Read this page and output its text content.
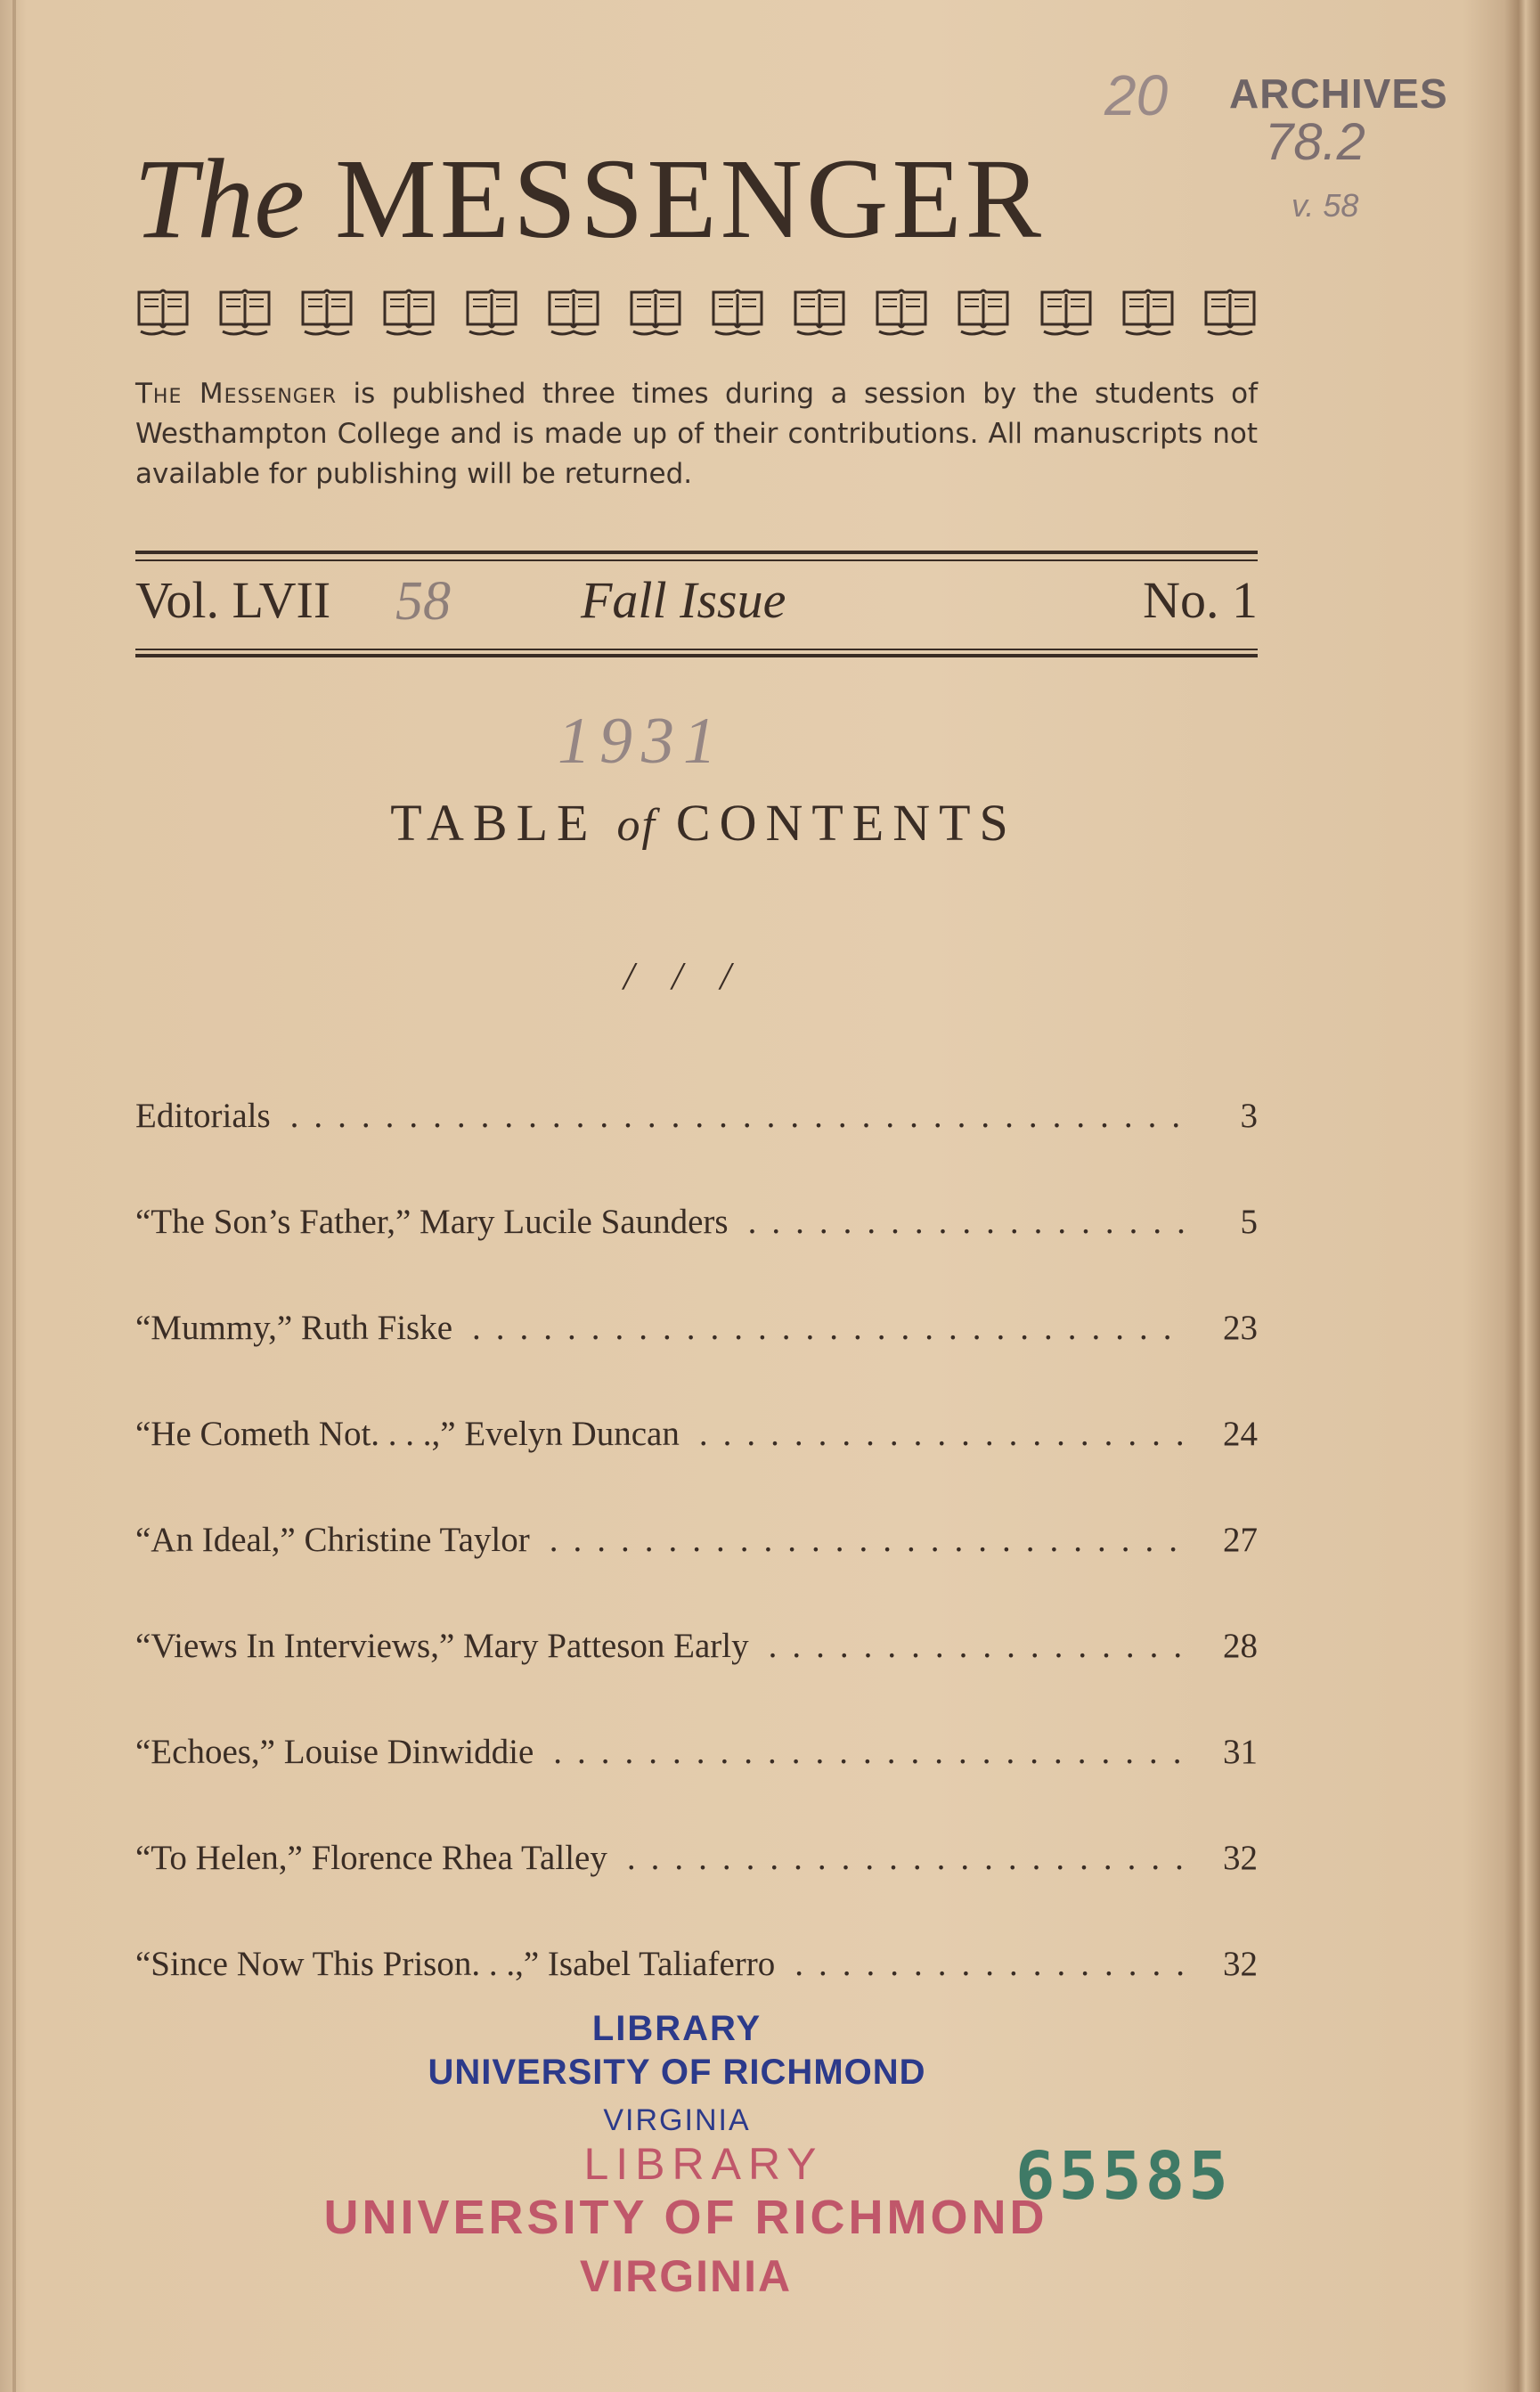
20 ARCHIVES
78.2
v. 58
The MESSENGER
The Messenger is published three times during a session by the students of Westhampton College and is made up of their contributions. All manuscripts not available for publishing will be returned.
Vol. LVII 58	Fall Issue	No. 1
1931
TABLE of CONTENTS
///
Editorials ......................................	3
“The Son’s Father,” Mary Lucile Saunders ...................	5
“Mummy,” Ruth Fiske ..............................	23
“He Cometh Not. . . .,” Evelyn Duncan ..................... 24
“An Ideal,” Christine Taylor ........................... 27
“Views In Interviews,” Mary Patteson Early .................. 28
“Echoes,” Louise Dinwiddie ........................... 31
“To Helen,” Florence Rhea Talley ........................ 32
“Since Now This Prison. . .,” Isabel Taliaferro ................. 32
LIBRARY
UNIVERSITY OF RICHMOND
VIRGINIA
LIBRARY
UNIVERSITY OF RICHMOND
VIRGINIA
65585
